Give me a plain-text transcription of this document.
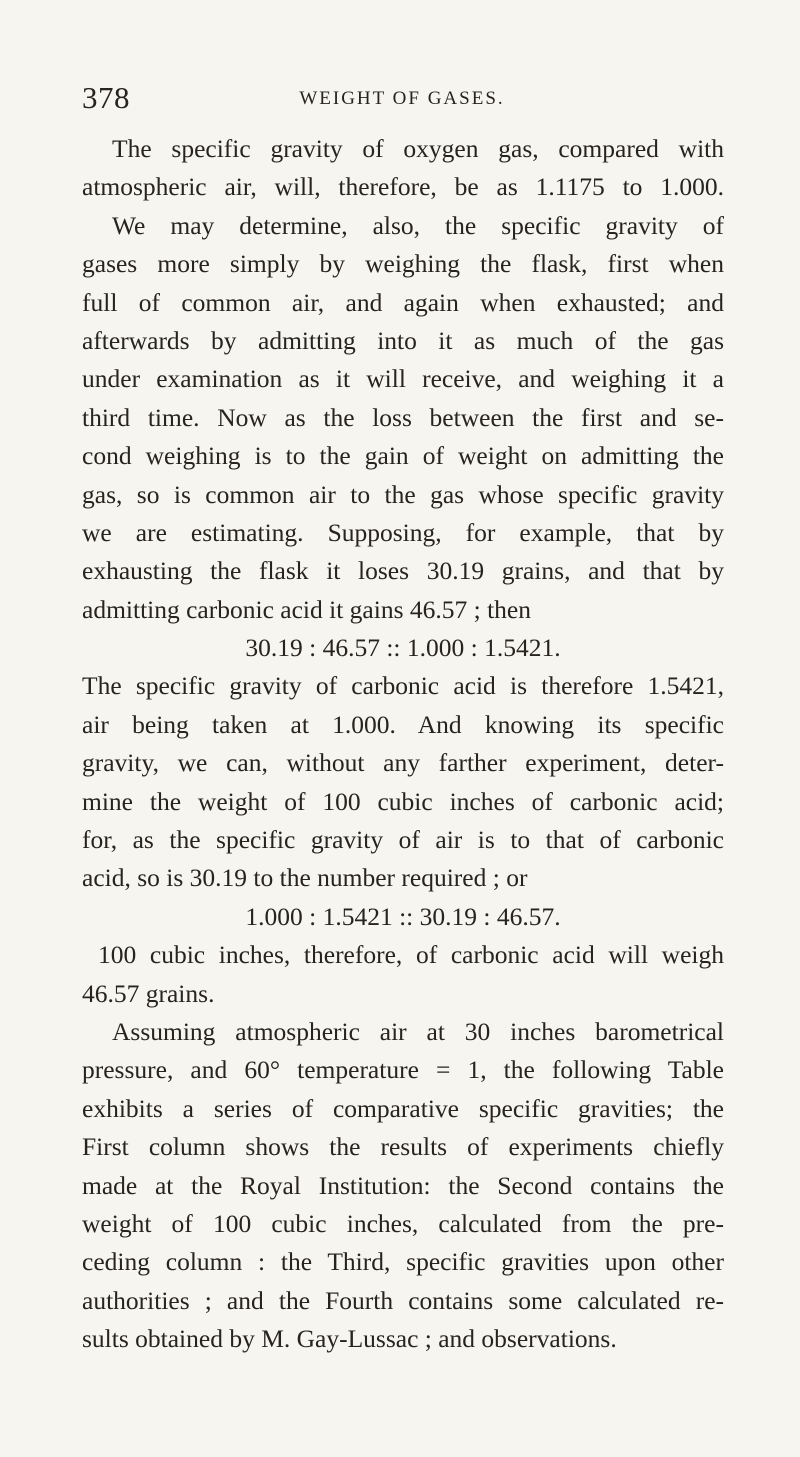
378	WEIGHT OF GASES.
The specific gravity of oxygen gas, compared with
atmospheric air, will, therefore, be as 1.1175 to 1.000.
We may determine, also, the specific gravity of
gases more simply by weighing the flask, first when
full of common air, and again when exhausted; and
afterwards by admitting into it as much of the gas
under examination as it will receive, and weighing it a
third time. Now as the loss between the first and se-
cond weighing is to the gain of weight on admitting the
gas, so is common air to the gas whose specific gravity
we are estimating. Supposing, for example, that by
exhausting the flask it loses 30.19 grains, and that by
admitting carbonic acid it gains 46.57 ; then
30.19 : 46.57 :: 1.000 : 1.5421.
The specific gravity of carbonic acid is therefore 1.5421,
air being taken at 1.000. And knowing its specific
gravity, we can, without any farther experiment, deter-
mine the weight of 100 cubic inches of carbonic acid;
for, as the specific gravity of air is to that of carbonic
acid, so is 30.19 to the number required ; or
1.000 : 1.5421 :: 30.19 : 46.57.
100 cubic inches, therefore, of carbonic acid will weigh
46.57 grains.
Assuming atmospheric air at 30 inches barometrical
pressure, and 60° temperature = 1, the following Table
exhibits a series of comparative specific gravities; the
First column shows the results of experiments chiefly
made at the Royal Institution: the Second contains the
weight of 100 cubic inches, calculated from the pre-
ceding column : the Third, specific gravities upon other
authorities ; and the Fourth contains some calculated re-
sults obtained by M. Gay-Lussac ; and observations.
